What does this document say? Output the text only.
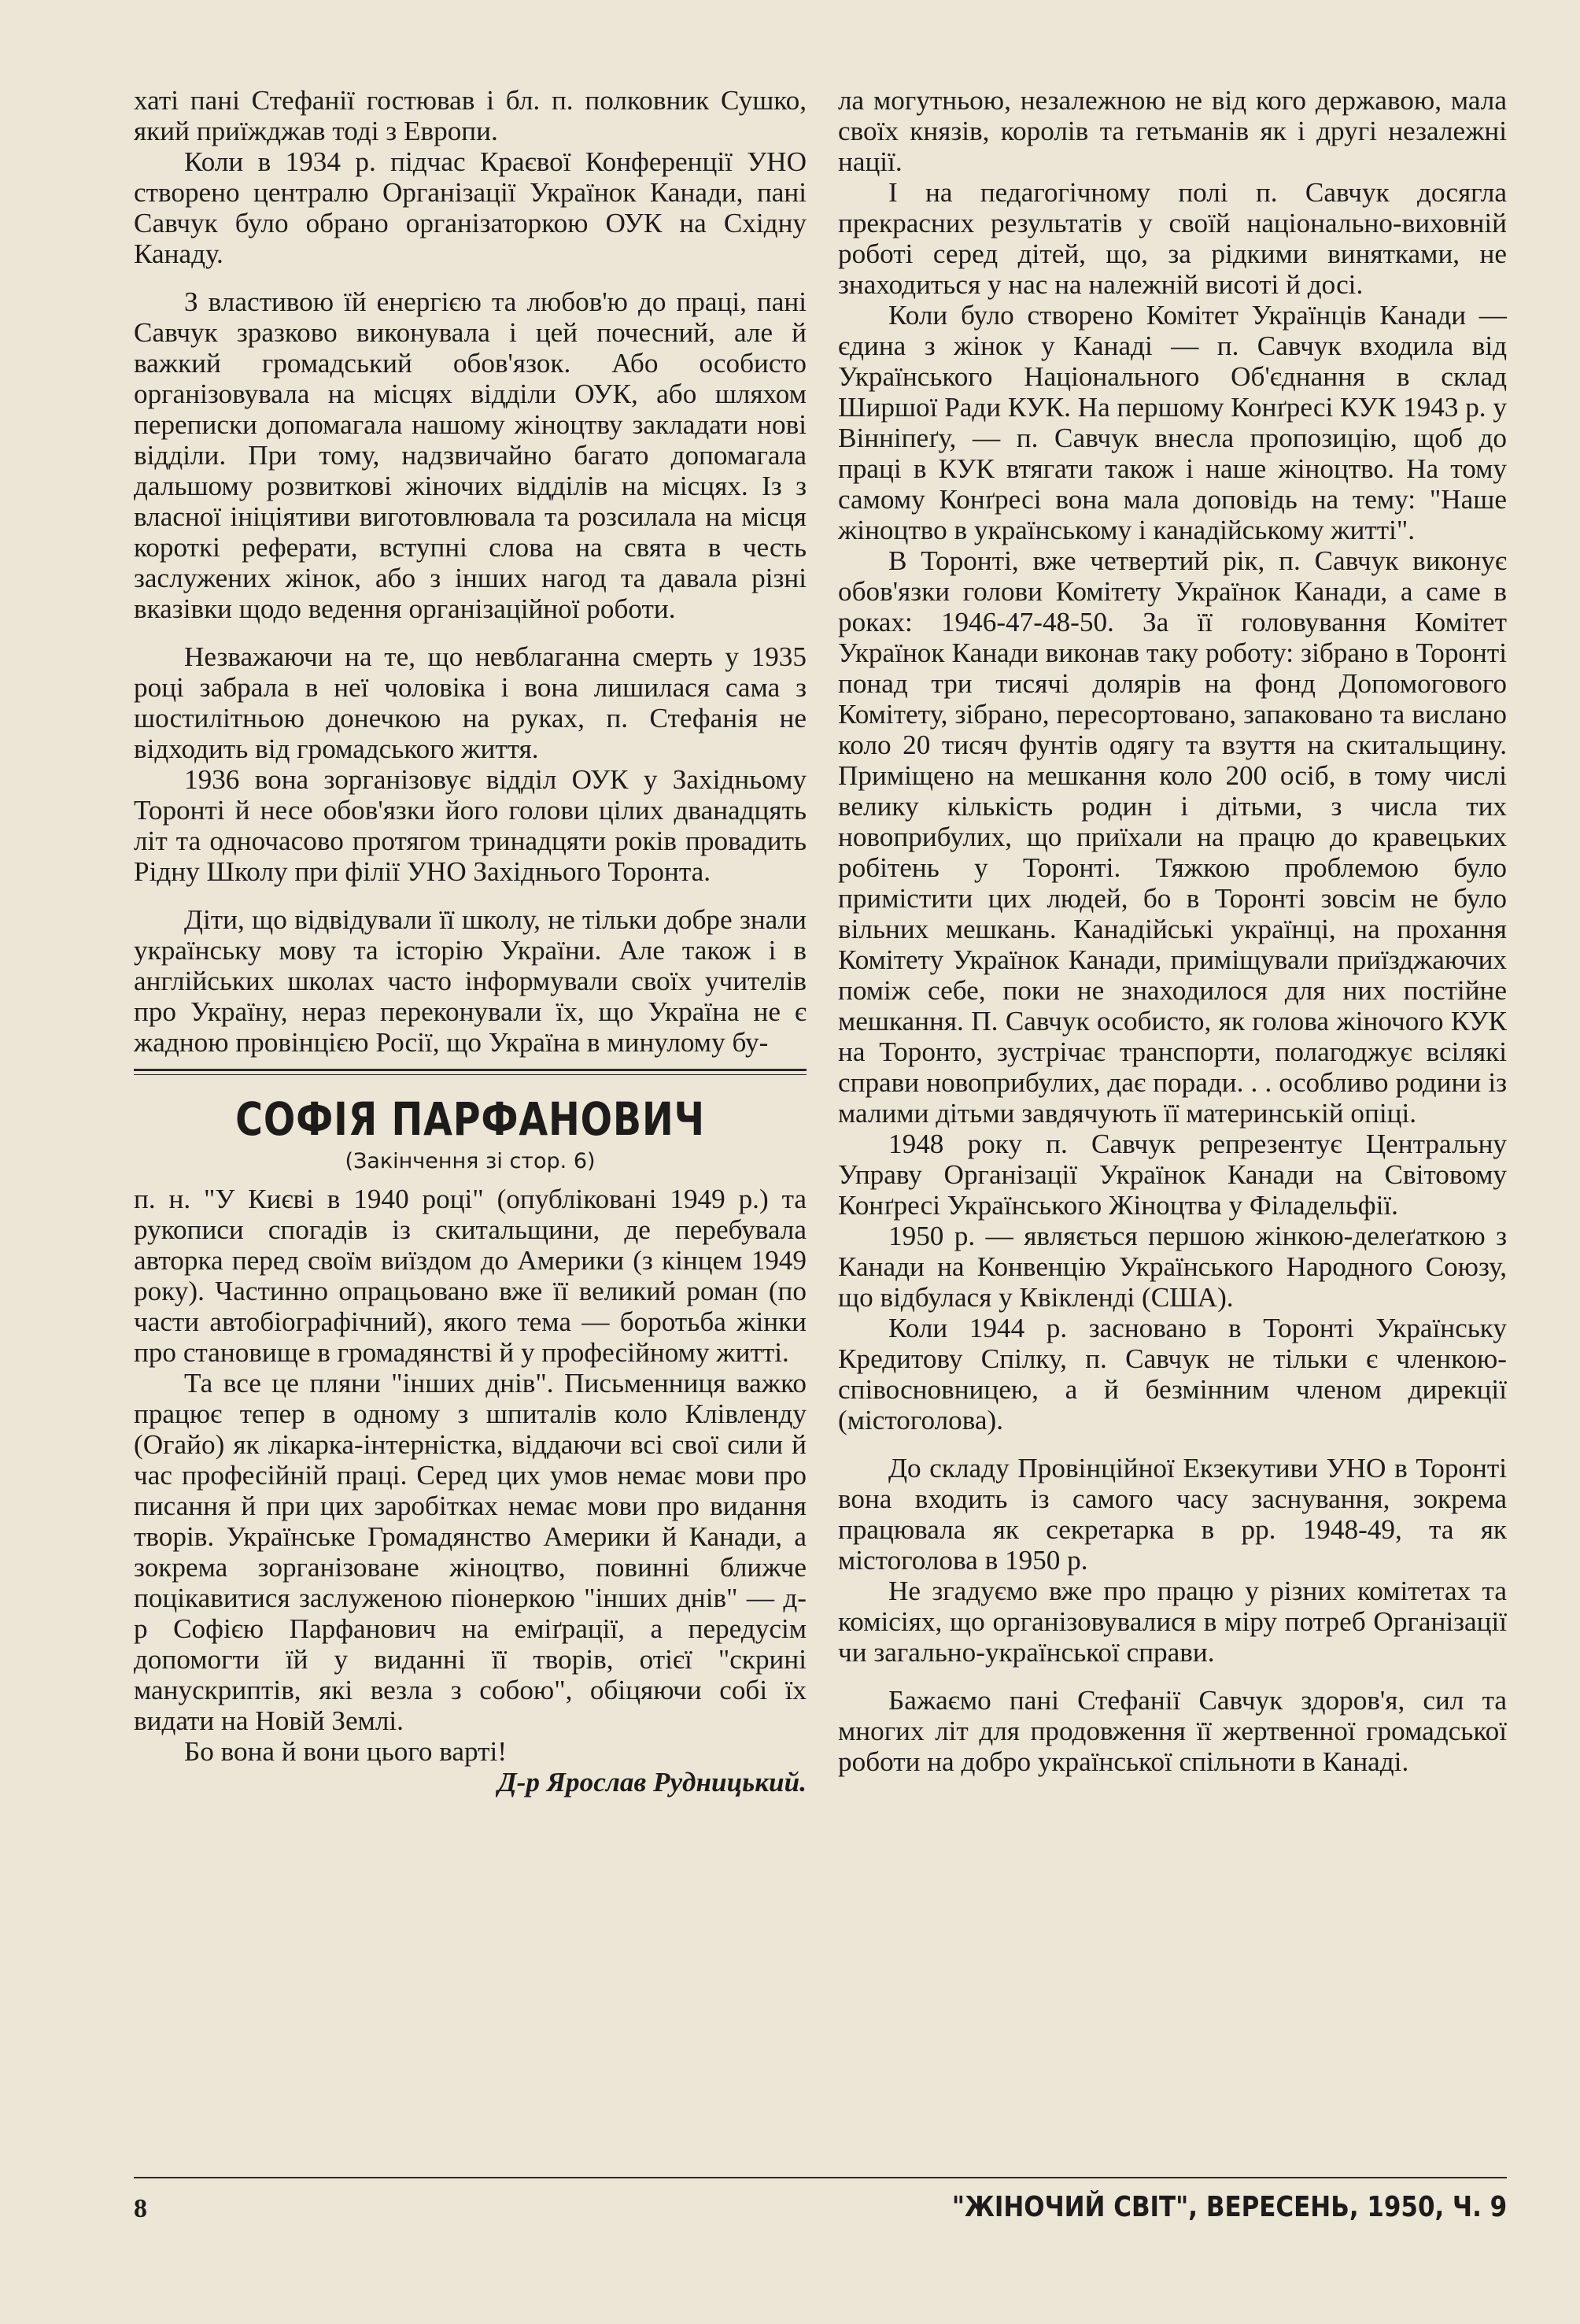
хаті пані Стефанії гостював і бл. п. полковник Сушко, який приїжджав тоді з Европи.

Коли в 1934 р. підчас Краєвої Конференції УНО створено централю Організації Українок Канади, пані Савчук було обрано організаторкою ОУК на Східну Канаду.

З властивою їй енергією та любов'ю до праці, пані Савчук зразково виконувала і цей почесний, але й важкий громадський обов'язок. Або особисто організовувала на місцях відділи ОУК, або шляхом переписки допомагала нашому жіноцтву закладати нові відділи. При тому, надзвичайно багато допомагала дальшому розвиткові жіночих відділів на місцях. Із з власної ініціятиви виготовлювала та розсилала на місця короткі реферати, вступні слова на свята в честь заслужених жінок, або з інших нагод та давала різні вказівки щодо ведення організаційної роботи.

Незважаючи на те, що невблаганна смерть у 1935 році забрала в неї чоловіка і вона лишилася сама з шостилітньою донечкою на руках, п. Стефанія не відходить від громадського життя.

1936 вона зорганізовує відділ ОУК у Західньому Торонті й несе обов'язки його голови цілих дванадцять літ та одночасово протягом тринадцяти років провадить Рідну Школу при філії УНО Західнього Торонта.

Діти, що відвідували її школу, не тільки добре знали українську мову та історію України. Але також і в англійських школах часто інформували своїх учителів про Україну, нераз переконували їх, що Україна не є жадною провінцією Росії, що Україна в минулому бу-

СОФІЯ ПАРФАНОВИЧ
(Закінчення зі стор. 6)

п. н. "У Києві в 1940 році" (опубліковані 1949 р.) та рукописи спогадів із скитальщини, де перебувала авторка перед своїм виїздом до Америки (з кінцем 1949 року). Частинно опрацьовано вже її великий роман (по части автобіографічний), якого тема — боротьба жінки про становище в громадянстві й у професійному житті.

Та все це пляни "інших днів". Письменниця важко працює тепер в одному з шпиталів коло Клівленду (Огайо) як лікарка-інтерністка, віддаючи всі свої сили й час професійній праці. Серед цих умов немає мови про писання й при цих заробітках немає мови про видання творів. Українське Громадянство Америки й Канади, а зокрема зорганізоване жіноцтво, повинні ближче поцікавитися заслуженою піонеркою "інших днів" — д-р Софією Парфанович на еміґрації, а передусім допомогти їй у виданні її творів, отієї "скрині манускриптів, які везла з собою", обіцяючи собі їх видати на Новій Землі.

Бо вона й вони цього варті!

Д-р Ярослав Рудницький.

ла могутньою, незалежною не від кого державою, мала своїх князів, королів та гетьманів як і другі незалежні нації.

І на педагогічному полі п. Савчук досягла прекрасних результатів у своїй національно-виховній роботі серед дітей, що, за рідкими винятками, не знаходиться у нас на належній висоті й досі.

Коли було створено Комітет Українців Канади — єдина з жінок у Канаді — п. Савчук входила від Українського Національного Об'єднання в склад Ширшої Ради КУК. На першому Конґресі КУК 1943 р. у Вінніпеґу, — п. Савчук внесла пропозицію, щоб до праці в КУК втягати також і наше жіноцтво. На тому самому Конґресі вона мала доповідь на тему: "Наше жіноцтво в українському і канадійському житті".

В Торонті, вже четвертий рік, п. Савчук виконує обов'язки голови Комітету Українок Канади, а саме в роках: 1946-47-48-50. За її головування Комітет Українок Канади виконав таку роботу: зібрано в Торонті понад три тисячі долярів на фонд Допомогового Комітету, зібрано, пересортовано, запаковано та вислано коло 20 тисяч фунтів одягу та взуття на скитальщину. Приміщено на мешкання коло 200 осіб, в тому числі велику кількість родин і дітьми, з числа тих новоприбулих, що приїхали на працю до кравецьких робітень у Торонті. Тяжкою проблемою було примістити цих людей, бо в Торонті зовсім не було вільних мешкань. Канадійські українці, на прохання Комітету Українок Канади, приміщували приїзджаючих поміж себе, поки не знаходилося для них постійне мешкання. П. Савчук особисто, як голова жіночого КУК на Торонто, зустрічає транспорти, полагоджує всілякі справи новоприбулих, дає поради. . . особливо родини із малими дітьми завдячують її материнській опіці.

1948 року п. Савчук репрезентує Центральну Управу Організації Українок Канади на Світовому Конґресі Українського Жіноцтва у Філадельфії.

1950 р. — являється першою жінкою-делеґаткою з Канади на Конвенцію Українського Народного Союзу, що відбулася у Квікленді (США).

Коли 1944 р. засновано в Торонті Українську Кредитову Спілку, п. Савчук не тільки є членкою-співосновницею, а й безмінним членом дирекції (містоголова).

До складу Провінційної Екзекутиви УНО в Торонті вона входить із самого часу заснування, зокрема працювала як секретарка в рр. 1948-49, та як містоголова в 1950 р.

Не згадуємо вже про працю у різних комітетах та комісіях, що організовувалися в міру потреб Організації чи загально-української справи.

Бажаємо пані Стефанії Савчук здоров'я, сил та многих літ для продовження її жертвенної громадської роботи на добро української спільноти в Канаді.

8	"ЖІНОЧИЙ СВІТ", ВЕРЕСЕНЬ, 1950, Ч. 9
